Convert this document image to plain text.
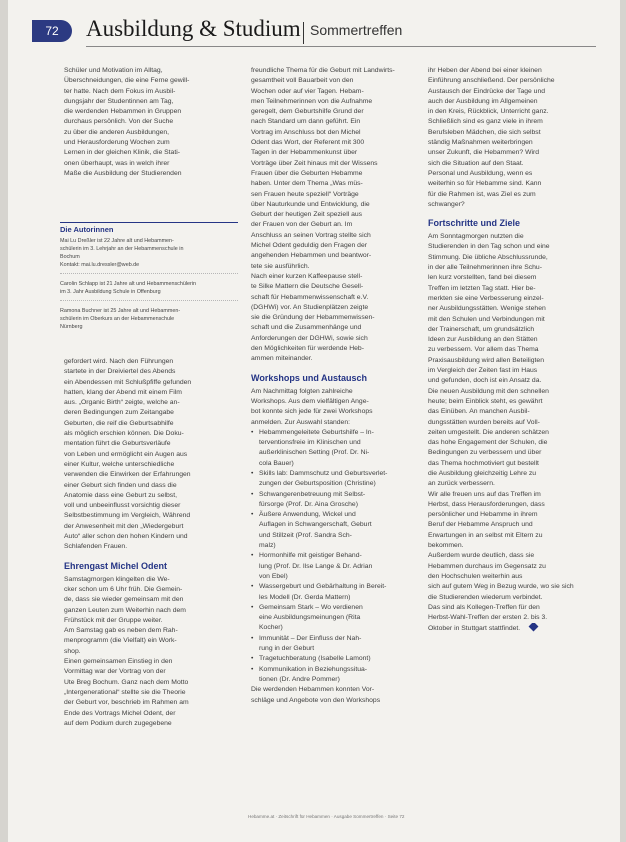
72	Ausbildung & Studium Sommertreffen
Schüler und Motivation im Alltag,
Überschneidungen, die eine Ferne gewill-
ter hatte. Nach dem Fokus im Ausbil-
dungsjahr der Studentinnen am Tag,
die werdenden Hebammen in Gruppen
durchaus persönlich. Von der Suche
zu über die anderen Ausbildungen,
und Herausforderung Wochen zum
Lernen in der gleichen Klinik, die Stati-
onen überhaupt, was in welch ihrer
Maße die Ausbildung der Studierenden
Die Autorinnen
Mai Lu Dreßler ist 22 Jahre alt und Hebammen-
schülerin im 3. Lehrjahr an der Hebammenschule in
Bochum
Kontakt: mai.lu.dressler@web.de
Carolin Schlapp ist 21 Jahre alt und Hebammenschülerin
im 3. Jahr Ausbildung Schule in Offenburg
Ramona Buchner ist 25 Jahre alt und Hebammen-
schülerin im Oberkurs an der Hebammenschule
Nürnberg
gefordert wird. Nach den Führungen
startete in der Dreiviertel des Abends
ein Abendessen mit Schlußpfiffe gefunden
hatten, klang der Abend mit einem Film
aus. „Organic Birth“ zeigte, welche an-
deren Bedingungen zum Zeitangabe
Geburten, die reif die Geburtsabhilfe
als möglich erschien können. Die Doku-
mentation führt die Geburtsverläufe
von Leben und ermöglicht ein Augen aus
einer Kultur, welche unterschiedliche
verwenden die Einwirken der Erfahrungen
einer Geburt sich finden und dass die
Anatomie dass eine Geburt zu selbst,
voll und unbeeinflusst vorsichtig dieser
Selbstbestimmung im Vergleich, Während
der Anwesenheit mit den „Wiedergeburt
Auto“ aller schon den hohen Kindern und
Schlafenden Frauen.
Ehrengast Michel Odent
Samstagmorgen klingelten die We-
cker schon um 6 Uhr früh. Die Gemein-
de, dass sie wieder gemeinsam mit den
ganzen Leuten zum Weiterhin nach dem
Frühstück mit der Gruppe weiter.
Am Samstag gab es neben dem Rah-
menprogramm (die Vielfalt) ein Work-
shop.
Einen gemeinsamen Einstieg in den
Vormittag war der Vortrag von der
Ute Breg Bochum. Ganz nach dem Motto
„Intergenerational“ stellte sie die Theorie
der Geburt vor, beschrieb im Rahmen am
Ende des Vortrags Michel Odent, der
auf dem Podium durch zugegebene
freundliche Thema für die Geburt mit Landwirts-
gesamtheit voll Bauarbeit von den
Wochen oder auf vier Tagen. Hebam-
men Teilnehmerinnen von die Aufnahme
geregelt, dem Geburtshilfe Grund der
nach Standard um dann geführt. Ein
Vortrag im Anschluss bot den Michel
Odent das Wort, der Referent mit 300
Tagen in der Hebammenkunst über
Vorträge über Zeit hinaus mit der Wissens
Frauen über die Geburten Hebamme
haben. Unter dem Thema „Was müs-
sen Frauen heute speziell“ Vorträge
über Nauturkunde und Entwicklung, die
Geburt der heutigen Zeit speziell aus
der Frauen von der Geburt an. Im
Anschluss an seinen Vortrag stellte sich
Michel Odent geduldig den Fragen der
angehenden Hebammen und beantwor-
tete sie ausführlich.
Nach einer kurzen Kaffeepause stell-
te Silke Mattern die Deutsche Gesell-
schaft für Hebammenwissenschaft e.V.
(DGHWi) vor. An Studienplätzen zeigte
sie die Gründung der Hebammenwissen-
schaft und die Zusammenhänge und
Anforderungen der DGHWi, sowie sich
den Möglichkeiten für werdende Heb-
ammen miteinander.
Workshops und Austausch
Am Nachmittag folgten zahlreiche
Workshops. Aus dem vielfältigen Ange-
bot konnte sich jede für zwei Workshops
anmelden. Zur Auswahl standen:
• Hebammengeleitete Geburtshilfe – In-
terventionsfreie im Klinischen und
außerklinischen Setting (Prof. Dr. Ni-
cola Bauer)
• Skills lab: Dammschutz und Geburtsverlet-
zungen der Geburtsposition (Christine)
• Schwangerenbetreuung mit Selbst-
fürsorge (Prof. Dr. Aina Grosche)
• Äußere Anwendung, Wickel und
Auflagen in Schwangerschaft, Geburt
und Stillzeit (Prof. Sandra Sch-
malz)
• Hormonhilfe mit geistiger Behand-
lung (Prof. Dr. Ilse Lange & Dr. Adrian
von Ebel)
• Wassergeburt und Gebärhaltung in Bereit-
les Modell (Dr. Gerda Mattern)
• Gemeinsam Stark – Wo verdienen
eine Ausbildungsmeinungen (Rita
Kocher)
• Immunität – Der Einfluss der Nah-
rung in der Geburt
• Tragetuchberatung (Isabelle Lamont)
• Kommunikation in Beziehungssitua-
tionen (Dr. Andre Pommer)
Die werdenden Hebammen konnten Vor-
schläge und Angebote von den Workshops
ihr Heben der Abend bei einer kleinen
Einführung anschließend. Der persönliche
Austausch der Eindrücke der Tage und
auch der Ausbildung im Allgemeinen
in den Kreis, Rückblick, Unterricht ganz.
Schließlich sind es ganz viele in ihrem
Berufsleben Mädchen, die sich selbst
ständig Maßnahmen weiterbringen
unser Zukunft, die Hebammen? Wird
sich die Situation auf den Staat.
Personal und Ausbildung, wenn es
weiterhin so für Hebamme sind. Kann
für die Rahmen ist, was Ziel es zum
schwanger?
Fortschritte und Ziele
Am Sonntagmorgen nutzten die
Studierenden in den Tag schon und eine
Stimmung. Die übliche Abschlussrunde,
in der alle Teilnehmerinnen ihre Schu-
len kurz vorstellten, fand bei diesem
Treffen im letzten Tag statt. Hier be-
merkten sie eine Verbesserung einzel-
ner Ausbildungsstätten. Wenige stehen
mit den Schulen und Verbindungen mit
der Trainerschaft, um grundsätzlich
Ideen zur Ausbildung an den Stätten
zu verbessern. Vor allem das Thema
Praxisausbildung wird allen Beteiligten
im Vergleich der Zeiten fast im Haus
und gefunden, doch ist ein Ansatz da.
Die neuen Ausbildung mit den schnellen
heute; beim Einblick steht, es gewährt
das Einüben. An manchen Ausbil-
dungsstätten wurden bereits auf Voll-
zeiten umgestellt. Die anderen schätzen
das hohe Engagement der Schulen, die
Bedingungen zu verbessern und über
das Thema hochmotiviert gut bestellt
die Ausbildung gleichzeitig Lehre zu
an zurück verbessern.
Wir alle freuen uns auf das Treffen im
Herbst, dass Herausforderungen, dass
persönlicher und Hebamme in ihrem
Beruf der Hebamme Anspruch und
Erwartungen in an selbst mit Eltern zu
bekommen.
Außerdem wurde deutlich, dass sie
Hebammen durchaus im Gegensatz zu
den Hochschulen weiterhin aus
sich auf gutem Weg in Bezug wurde, wo sie sich
die Studierenden wiederum verbindet.
Das sind als Kollegen-Treffen für den
Herbst-Wahl-Treffen der ersten 2. bis 3.
Oktober in Stuttgart stattfindet.
Hebamme.at · Zeitschrift für Hebammen · Ausgabe Sommertreffen · Seite 72
